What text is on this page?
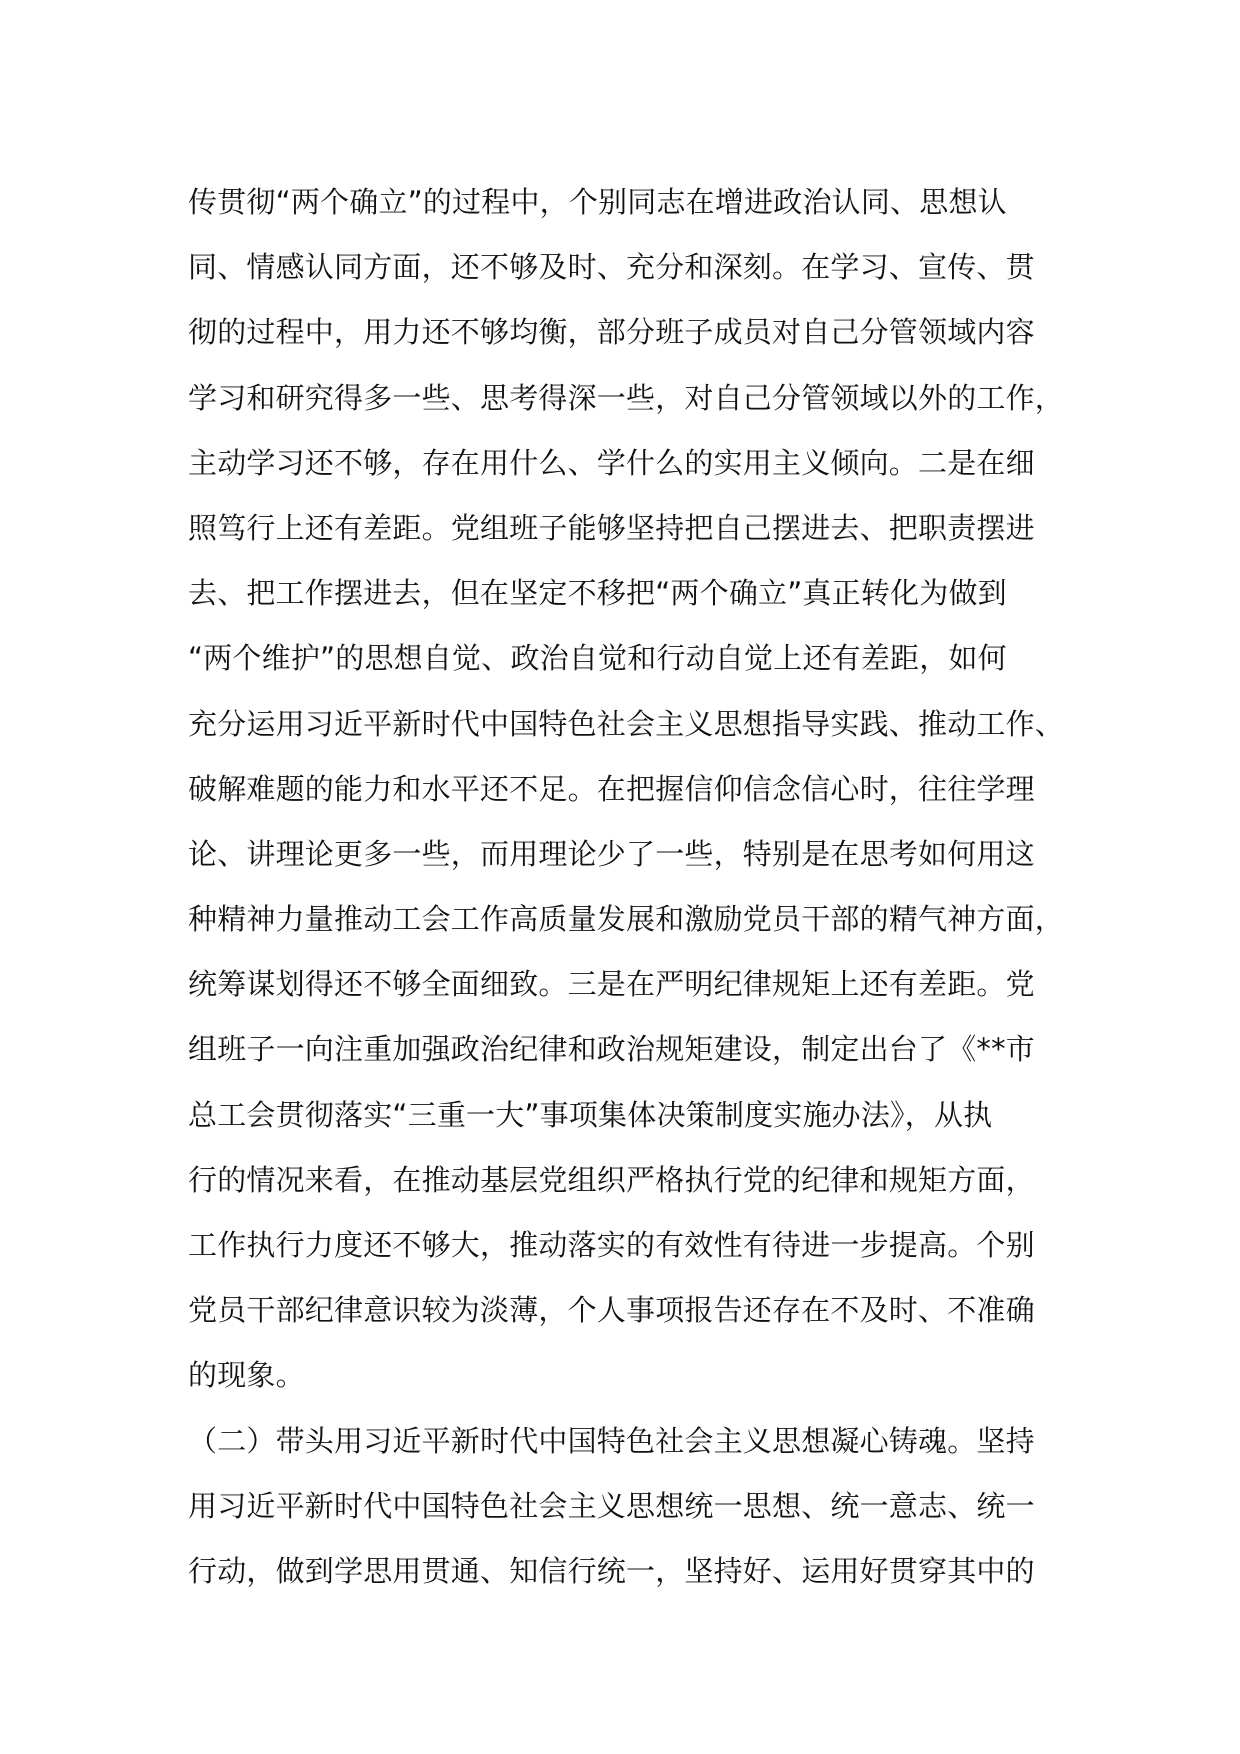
传贯彻“两个确立”的过程中，个别同志在增进政治认同、思想认
同、情感认同方面，还不够及时、充分和深刻。在学习、宣传、贯
彻的过程中，用力还不够均衡，部分班子成员对自己分管领域内容
学习和研究得多一些、思考得深一些，对自己分管领域以外的工作，
主动学习还不够，存在用什么、学什么的实用主义倾向。二是在细
照笃行上还有差距。党组班子能够坚持把自己摆进去、把职责摆进
去、把工作摆进去，但在坚定不移把“两个确立”真正转化为做到
“两个维护”的思想自觉、政治自觉和行动自觉上还有差距，如何
充分运用习近平新时代中国特色社会主义思想指导实践、推动工作、
破解难题的能力和水平还不足。在把握信仰信念信心时，往往学理
论、讲理论更多一些，而用理论少了一些，特别是在思考如何用这
种精神力量推动工会工作高质量发展和激励党员干部的精气神方面，
统筹谋划得还不够全面细致。三是在严明纪律规矩上还有差距。党
组班子一向注重加强政治纪律和政治规矩建设，制定出台了《**市
总工会贯彻落实“三重一大”事项集体决策制度实施办法》，从执
行的情况来看，在推动基层党组织严格执行党的纪律和规矩方面，
工作执行力度还不够大，推动落实的有效性有待进一步提高。个别
党员干部纪律意识较为淡薄，个人事项报告还存在不及时、不准确
的现象。
（二）带头用习近平新时代中国特色社会主义思想凝心铸魂。坚持
用习近平新时代中国特色社会主义思想统一思想、统一意志、统一
行动，做到学思用贯通、知信行统一，坚持好、运用好贯穿其中的
